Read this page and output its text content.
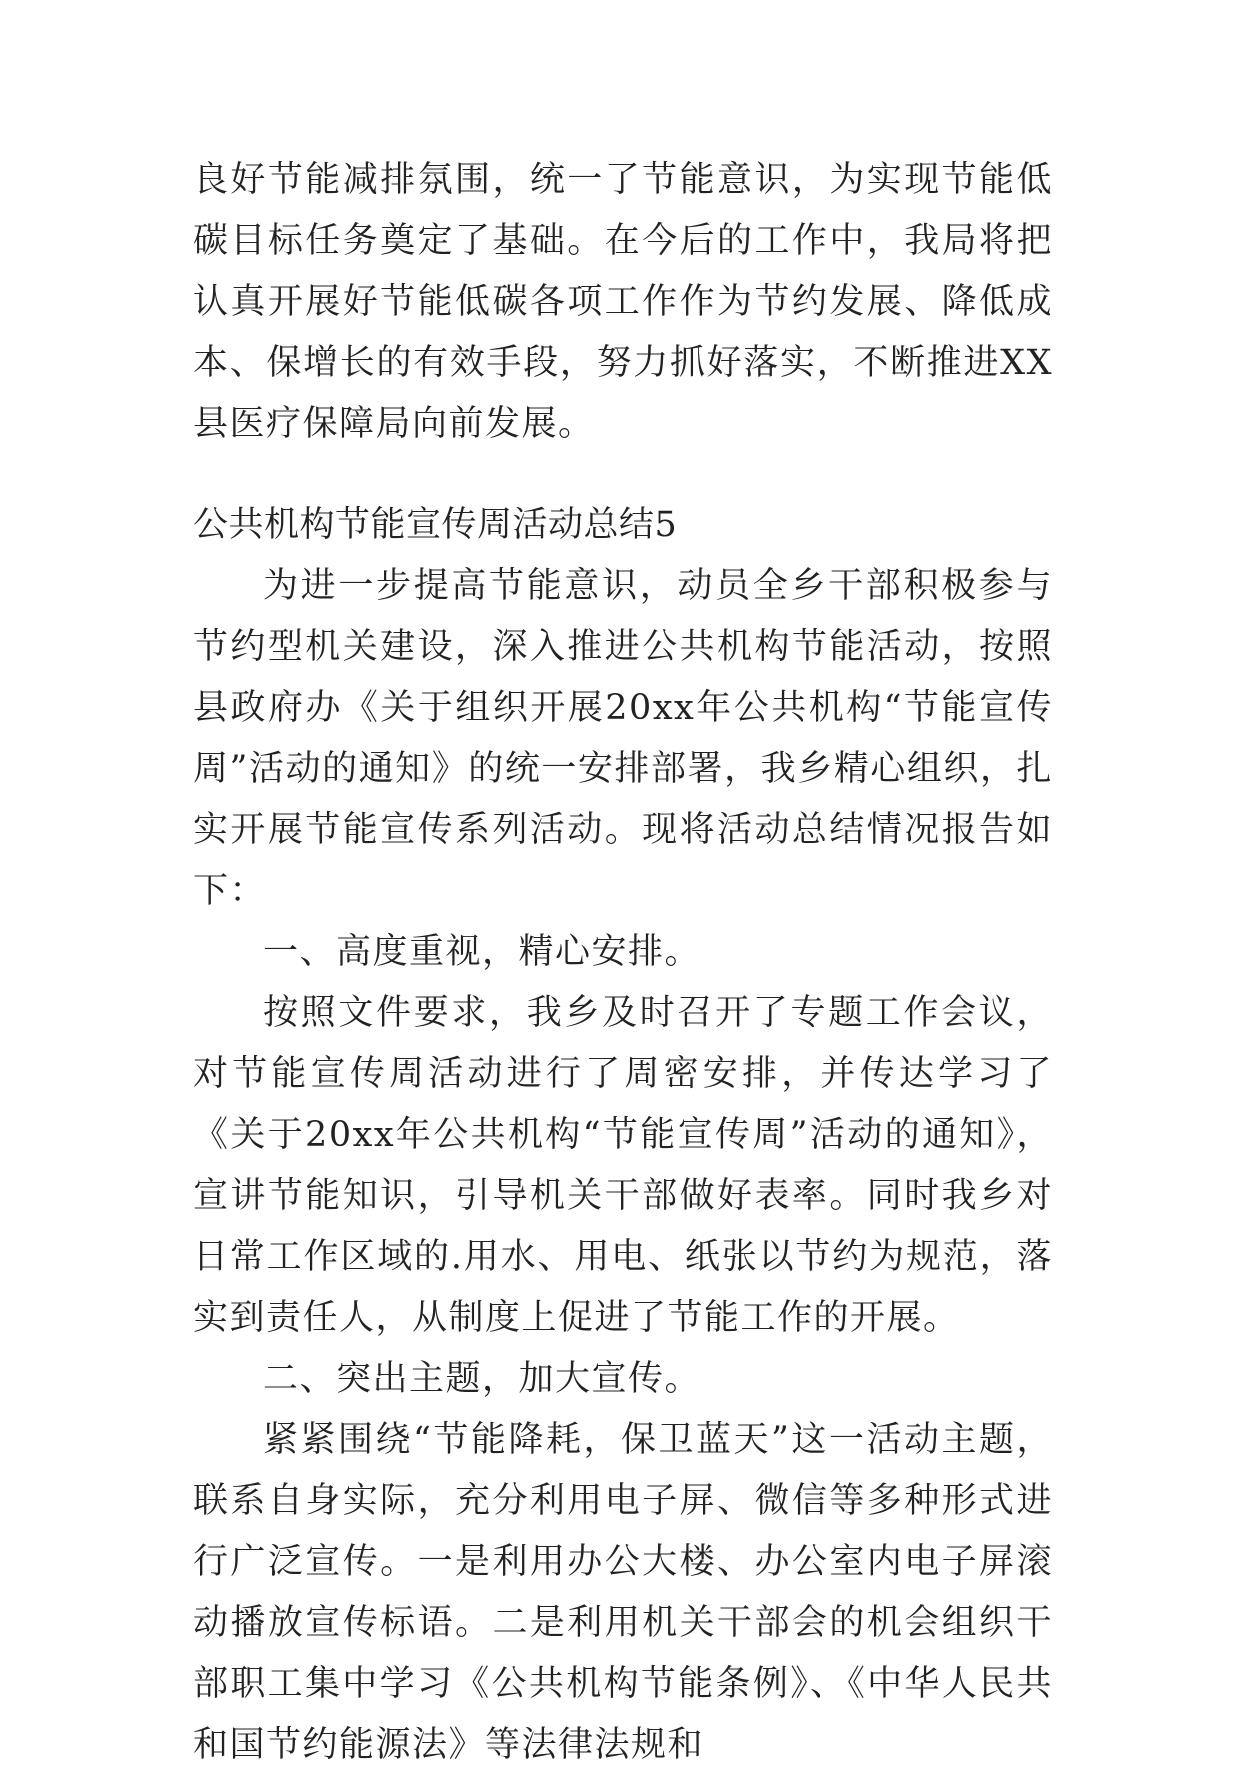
良好节能减排氛围，统一了节能意识，为实现节能低碳目标任务奠定了基础。在今后的工作中，我局将把认真开展好节能低碳各项工作作为节约发展、降低成本、保增长的有效手段，努力抓好落实，不断推进XX县医疗保障局向前发展。

公共机构节能宣传周活动总结5

为进一步提高节能意识，动员全乡干部积极参与节约型机关建设，深入推进公共机构节能活动，按照县政府办《关于组织开展20xx年公共机构“节能宣传周”活动的通知》的统一安排部署，我乡精心组织，扎实开展节能宣传系列活动。现将活动总结情况报告如下：

一、高度重视，精心安排。

按照文件要求，我乡及时召开了专题工作会议，对节能宣传周活动进行了周密安排，并传达学习了《关于20xx年公共机构“节能宣传周”活动的通知》，宣讲节能知识，引导机关干部做好表率。同时我乡对日常工作区域的.用水、用电、纸张以节约为规范，落实到责任人，从制度上促进了节能工作的开展。

二、突出主题，加大宣传。

紧紧围绕“节能降耗，保卫蓝天”这一活动主题，联系自身实际，充分利用电子屏、微信等多种形式进行广泛宣传。一是利用办公大楼、办公室内电子屏滚动播放宣传标语。二是利用机关干部会的机会组织干部职工集中学习《公共机构节能条例》、《中华人民共和国节约能源法》等法律法规和
